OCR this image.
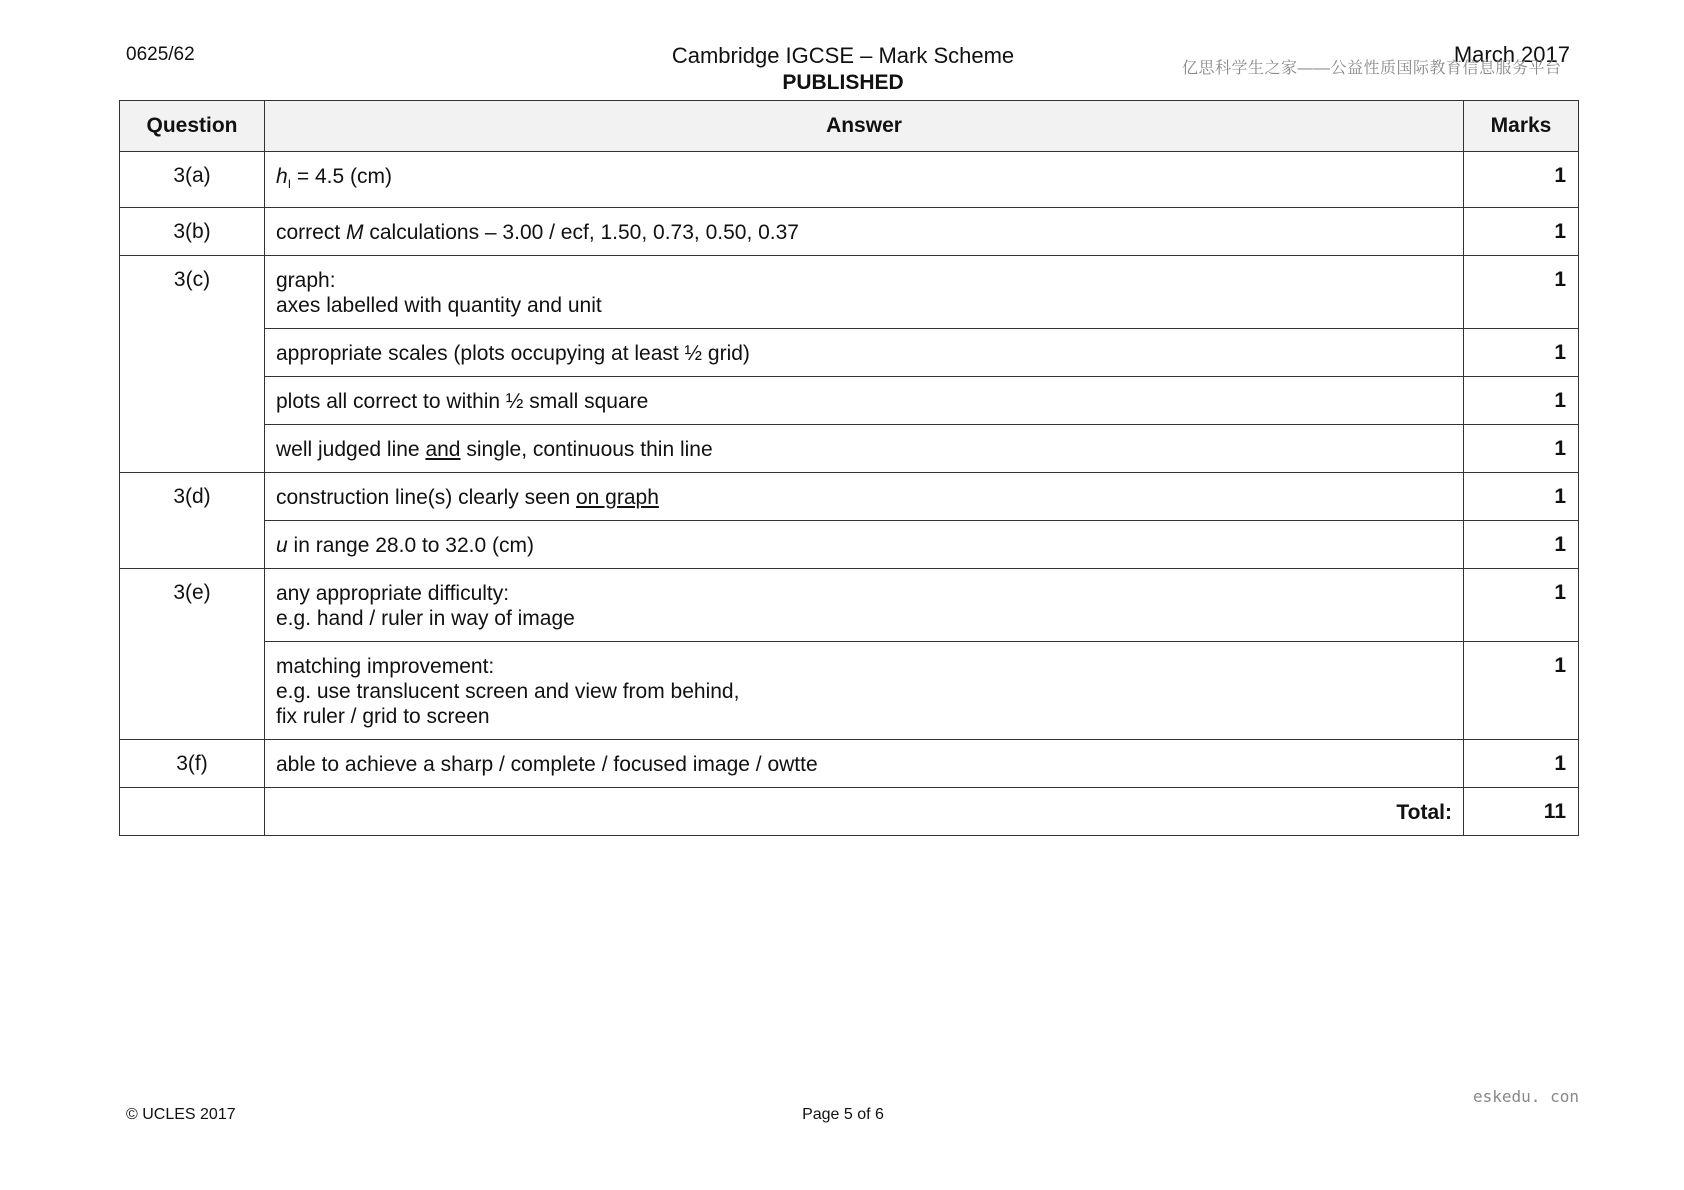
0625/62	Cambridge IGCSE – Mark Scheme
PUBLISHED
March 2017
亿思科学生之家——公益性质国际教育信息服务平台
Question	Answer	Marks
3(a)	$h_I = 4.5$ (cm)	1
3(b)	correct M calculations – 3.00 / ecf, 1.50, 0.73, 0.50, 0.37	1
3(c)	graph:
axes labelled with quantity and unit	1
	appropriate scales (plots occupying at least ½ grid)	1
	plots all correct to within ½ small square	1
	well judged line and single, continuous thin line	1
3(d)	construction line(s) clearly seen on graph	1
	u in range 28.0 to 32.0 (cm)	1
3(e)	any appropriate difficulty:
e.g. hand / ruler in way of image	1

	matching improvement:
e.g. use translucent screen and view from behind,
fix ruler / grid to screen	1
3(f)	able to achieve a sharp / complete / focused image / owtte	1
	Total:	11
eskedu. con
© UCLES 2017	Page 5 of 6
